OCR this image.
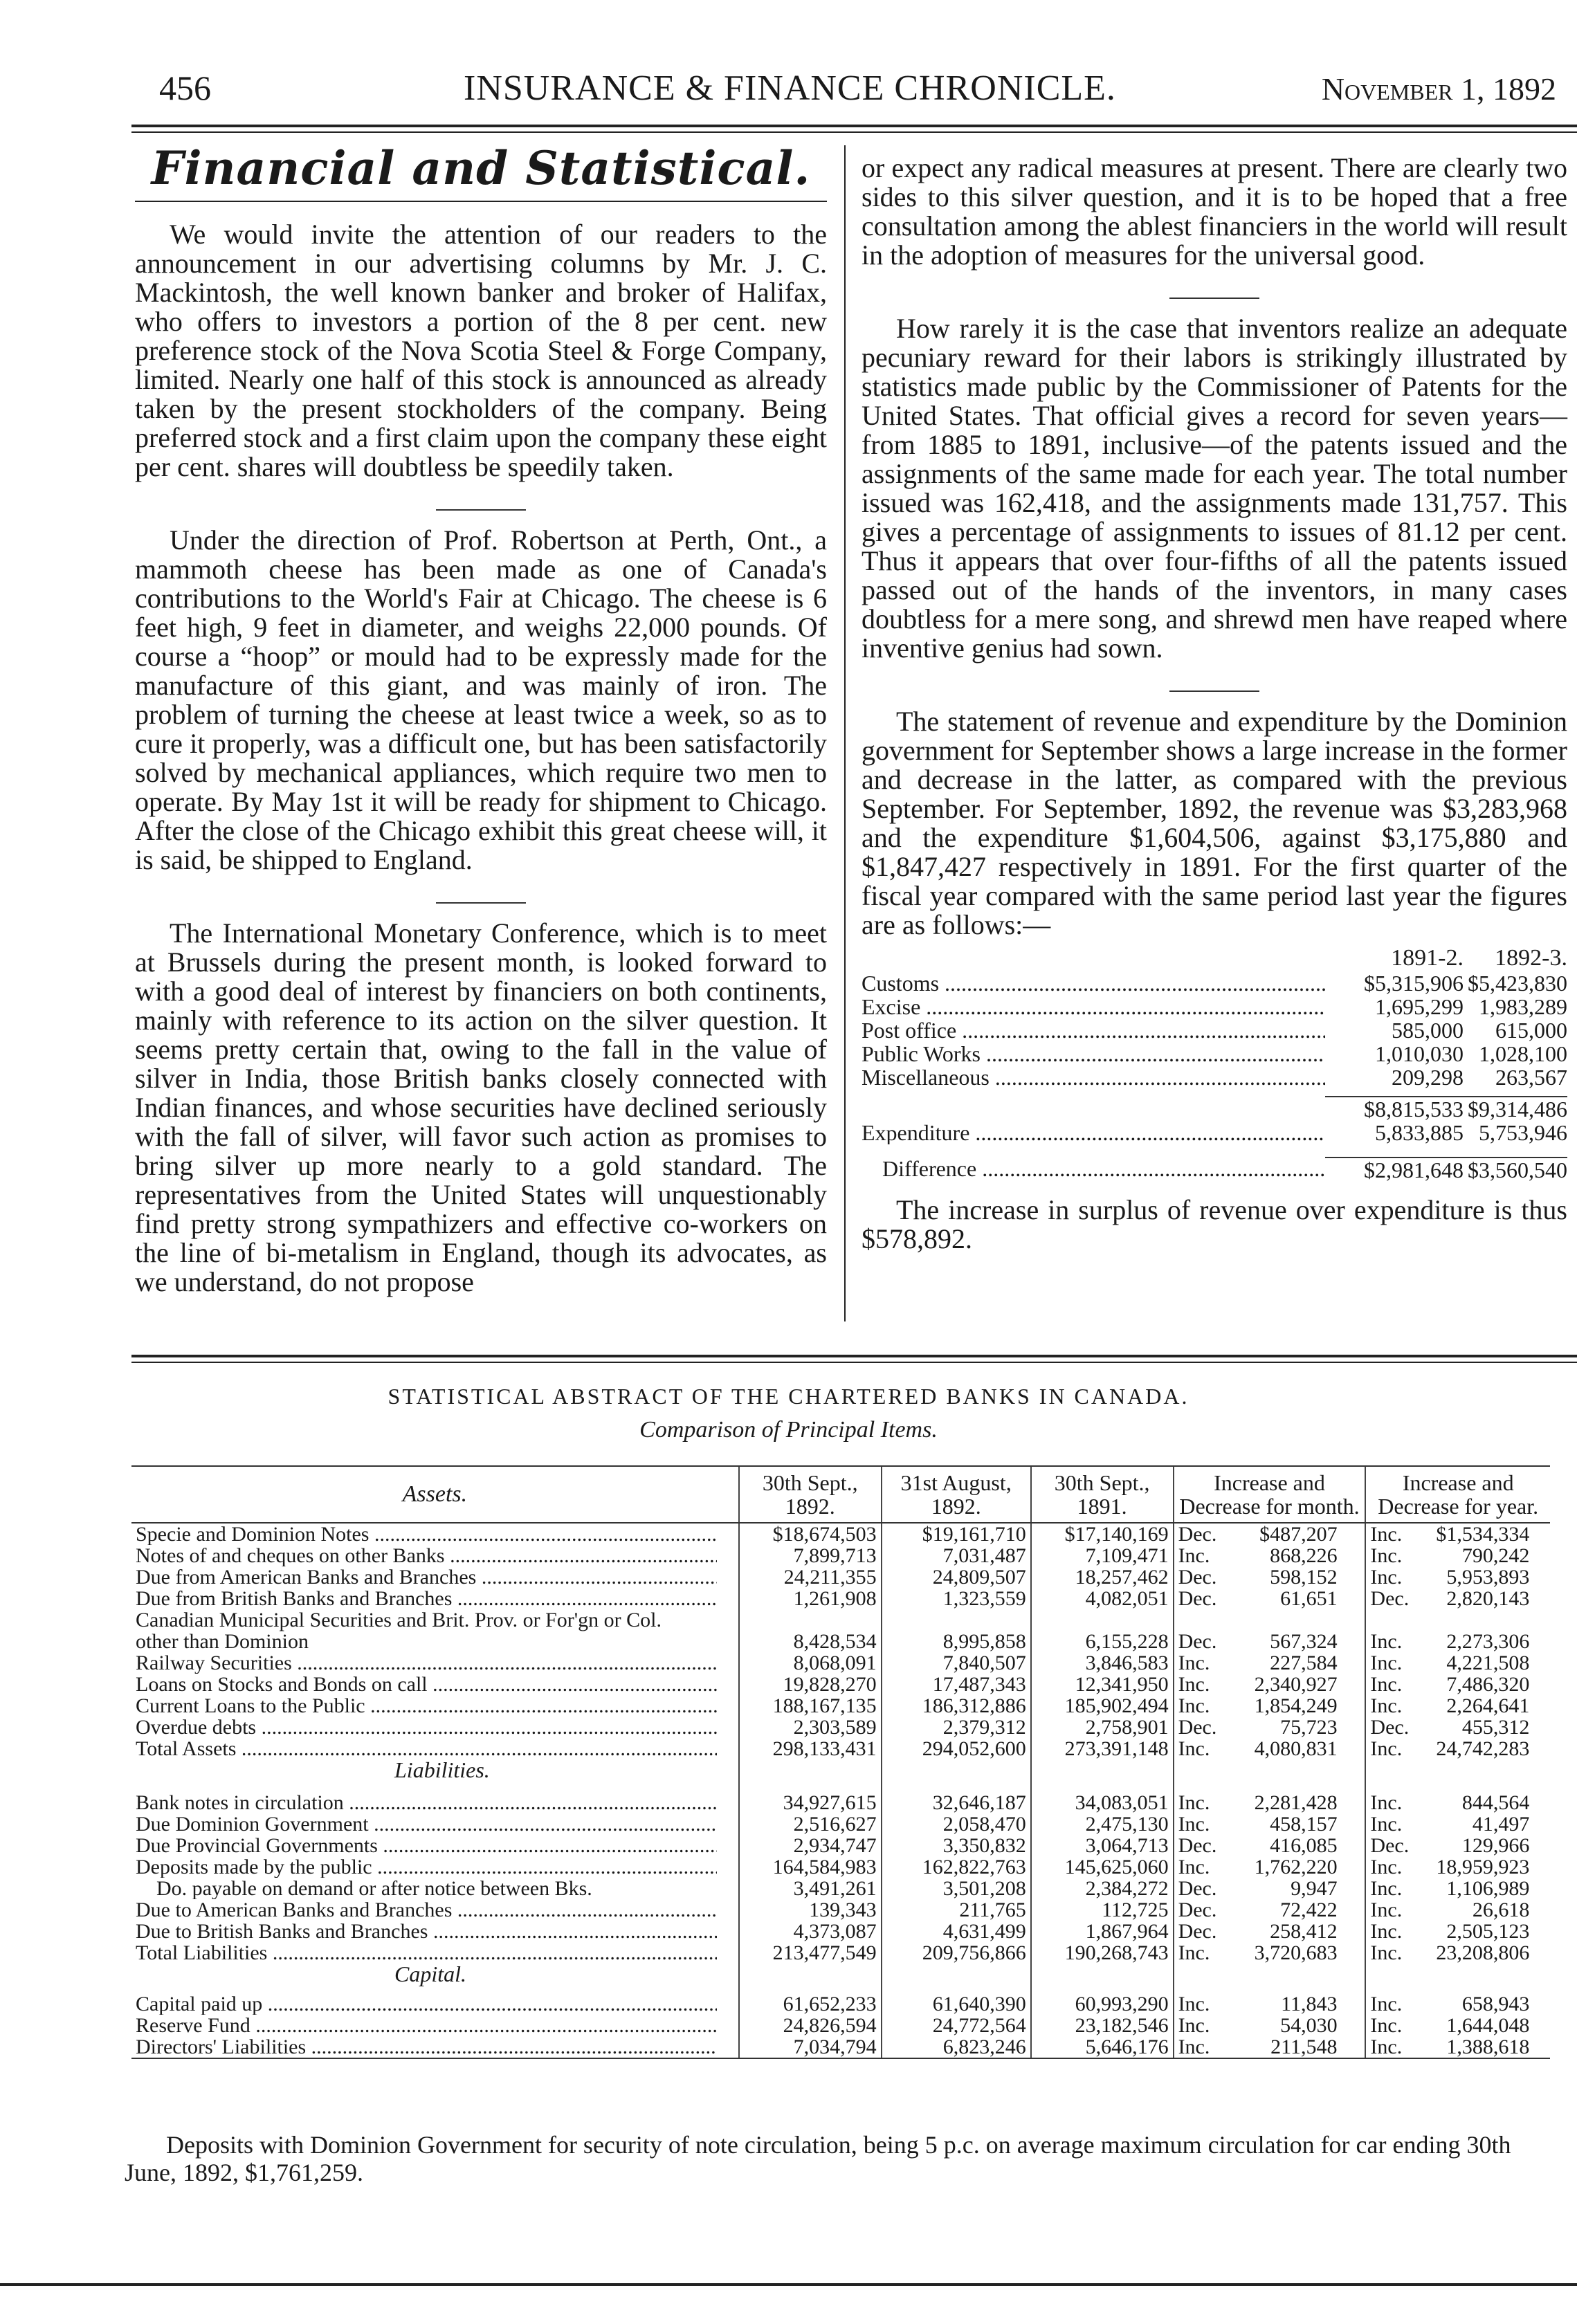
456	INSURANCE & FINANCE CHRONICLE.	November 1, 1892
Financial and Statistical.

We would invite the attention of our readers to the announcement in our advertising columns by Mr. J. C. Mackintosh, the well known banker and broker of Halifax, who offers to investors a portion of the 8 per cent. new preference stock of the Nova Scotia Steel & Forge Company, limited. Nearly one half of this stock is announced as already taken by the present stockholders of the company. Being preferred stock and a first claim upon the company these eight per cent. shares will doubtless be speedily taken.

Under the direction of Prof. Robertson at Perth, Ont., a mammoth cheese has been made as one of Canada's contributions to the World's Fair at Chicago. The cheese is 6 feet high, 9 feet in diameter, and weighs 22,000 pounds. Of course a “hoop” or mould had to be expressly made for the manufacture of this giant, and was mainly of iron. The problem of turning the cheese at least twice a week, so as to cure it properly, was a difficult one, but has been satisfactorily solved by mechanical appliances, which require two men to operate. By May 1st it will be ready for shipment to Chicago. After the close of the Chicago exhibit this great cheese will, it is said, be shipped to England.

The International Monetary Conference, which is to meet at Brussels during the present month, is looked forward to with a good deal of interest by financiers on both continents, mainly with reference to its action on the silver question. It seems pretty certain that, owing to the fall in the value of silver in India, those British banks closely connected with Indian finances, and whose securities have declined seriously with the fall of silver, will favor such action as promises to bring silver up more nearly to a gold standard. The representatives from the United States will unquestionably find pretty strong sympathizers and effective co-workers on the line of bi-metalism in England, though its advocates, as we understand, do not propose

or expect any radical measures at present. There are clearly two sides to this silver question, and it is to be hoped that a free consultation among the ablest financiers in the world will result in the adoption of measures for the universal good.

How rarely it is the case that inventors realize an adequate pecuniary reward for their labors is strikingly illustrated by statistics made public by the Commissioner of Patents for the United States. That official gives a record for seven years—from 1885 to 1891, inclusive—of the patents issued and the assignments of the same made for each year. The total number issued was 162,418, and the assignments made 131,757. This gives a percentage of assignments to issues of 81.12 per cent. Thus it appears that over four-fifths of all the patents issued passed out of the hands of the inventors, in many cases doubtless for a mere song, and shrewd men have reaped where inventive genius had sown.

The statement of revenue and expenditure by the Dominion government for September shows a large increase in the former and decrease in the latter, as compared with the previous September. For September, 1892, the revenue was $3,283,968 and the expenditure $1,604,506, against $3,175,880 and $1,847,427 respectively in 1891. For the first quarter of the fiscal year compared with the same period last year the figures are as follows:—

1891-2.	1892-3.
Customs .....	$5,315,906 $5,423,830
Excise .....	1,695,299 1,983,289
Post office .....	585,000	615,000
Public Works .....	1,010,030 1,028,100
Miscellaneous .....	209,298	263,567
$8,815,533 $9,314,486
Expenditure .....	5,833,885 5,753,946
Difference .....	$2,981,648 $3,560,540

The increase in surplus of revenue over expenditure is thus $578,892.

STATISTICAL ABSTRACT OF THE CHARTERED BANKS IN CANADA.
Comparison of Principal Items.
Assets.	30th Sept., 1892.	31st August, 1892.	30th Sept., 1891.	Increase and Decrease for month.	Increase and Decrease for year.

Specie and Dominion Notes .....	$18,674,503	$19,161,710	$17,140,169	Dec. $487,207	Inc. $1,534,334

Notes of and cheques on other Banks .....	7,899,713	7,031,487	7,109,471	Inc. 868,226	Inc. 790,242

Due from American Banks and Branches .....	24,211,355	24,809,507	18,257,462	Dec. 598,152	Inc. 5,953,893

Due from British Banks and Branches .....	1,261,908	1,323,559	4,082,051	Dec. 61,651	Dec. 2,820,143

Canadian Municipal Securities and Brit. Prov. or For'gn or Col. other than Dominion	8,428,534	8,995,858	6,155,228	Dec. 567,324	Inc. 2,273,306

Railway Securities .....	8,068,091	7,840,507	3,846,583	Inc. 227,584	Inc. 4,221,508

Loans on Stocks and Bonds on call .....	19,828,270	17,487,343	12,341,950	Inc. 2,340,927	Inc. 7,486,320

Current Loans to the Public .....	188,167,135	186,312,886	185,902,494	Inc. 1,854,249	Inc. 2,264,641

Overdue debts .....	2,303,589	2,379,312	2,758,901	Dec. 75,723	Dec. 455,312

Total Assets .....	298,133,431	294,052,600	273,391,148	Inc. 4,080,831	Inc. 24,742,283
Liabilities.					

Bank notes in circulation .....	34,927,615	32,646,187	34,083,051	Inc. 2,281,428	Inc. 844,564

Due Dominion Government .....	2,516,627	2,058,470	2,475,130	Inc. 458,157	Inc. 41,497

Due Provincial Governments .....	2,934,747	3,350,832	3,064,713	Dec. 416,085	Dec. 129,966

Deposits made by the public .....	164,584,983	162,822,763	145,625,060	Inc. 1,762,220	Inc. 18,959,923

Do. payable on demand or after notice between Bks.	3,491,261	3,501,208	2,384,272	Dec. 9,947	Inc. 1,106,989

Due to American Banks and Branches .....	139,343	211,765	112,725	Dec. 72,422	Inc. 26,618

Due to British Banks and Branches .....	4,373,087	4,631,499	1,867,964	Dec. 258,412	Inc. 2,505,123

Total Liabilities .....	213,477,549	209,756,866	190,268,743	Inc. 3,720,683	Inc. 23,208,806
Capital.					

Capital paid up .....	61,652,233	61,640,390	60,993,290	Inc. 11,843	Inc. 658,943

Reserve Fund .....	24,826,594	24,772,564	23,182,546	Inc. 54,030	Inc. 1,644,048

Directors' Liabilities .....	7,034,794	6,823,246	5,646,176	Inc. 211,548	Inc. 1,388,618
Deposits with Dominion Government for security of note circulation, being 5 p.c. on average maximum circulation for car ending 30th June, 1892, $1,761,259.
